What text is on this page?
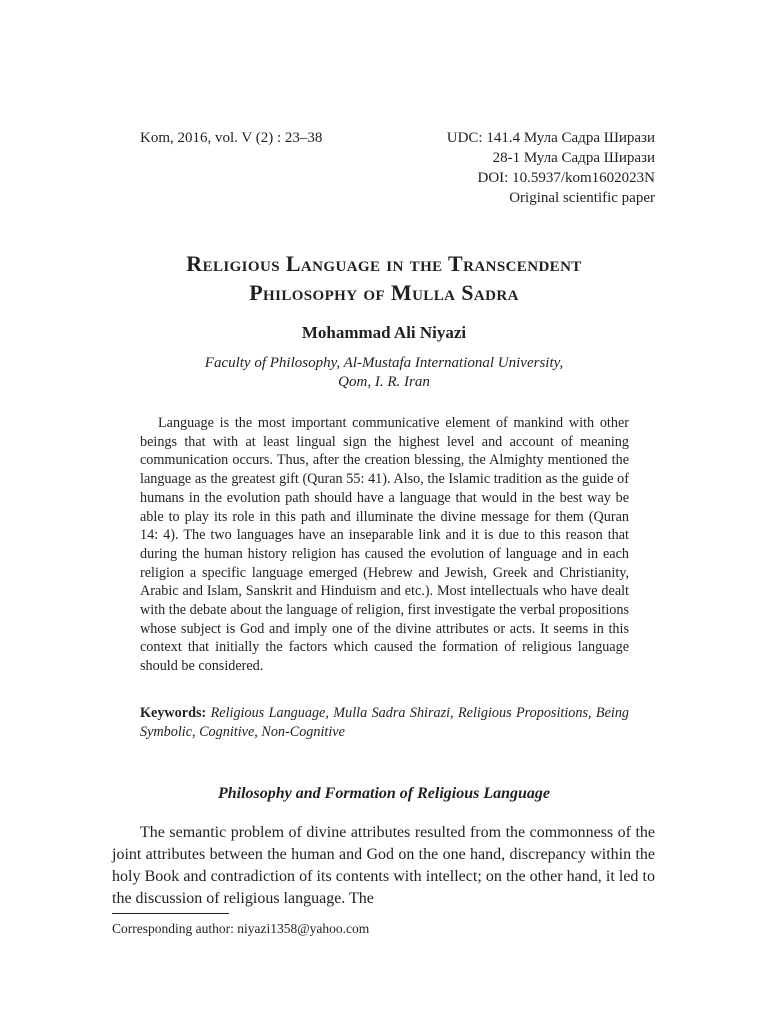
Kom, 2016, vol. V (2) : 23–38	UDC: 141.4 Мула Садра Ширази
28-1 Мула Садра Ширази
DOI: 10.5937/kom1602023N
Original scientific paper
Religious Language in the Transcendent
Philosophy of Mulla Sadra
Mohammad Ali Niyazi
Faculty of Philosophy, Al-Mustafa International University,
Qom, I. R. Iran
Language is the most important communicative element of mankind with other beings that with at least lingual sign the highest level and account of meaning communication occurs. Thus, after the creation blessing, the Almighty mentioned the language as the greatest gift (Quran 55: 41). Also, the Islamic tradition as the guide of humans in the evolution path should have a language that would in the best way be able to play its role in this path and illuminate the divine message for them (Quran 14: 4). The two languages have an inseparable link and it is due to this reason that during the human history religion has caused the evolution of language and in each religion a specific language emerged (Hebrew and Jewish, Greek and Christianity, Arabic and Islam, Sanskrit and Hinduism and etc.). Most intellectuals who have dealt with the debate about the language of religion, first investigate the verbal propositions whose subject is God and imply one of the divine attributes or acts. It seems in this context that initially the factors which caused the formation of religious language should be considered.
Keywords: Religious Language, Mulla Sadra Shirazi, Religious Propositions, Being Symbolic, Cognitive, Non-Cognitive
Philosophy and Formation of Religious Language
The semantic problem of divine attributes resulted from the commonness of the joint attributes between the human and God on the one hand, discrepancy within the holy Book and contradiction of its contents with intellect; on the other hand, it led to the discussion of religious language. The
Corresponding author: niyazi1358@yahoo.com
